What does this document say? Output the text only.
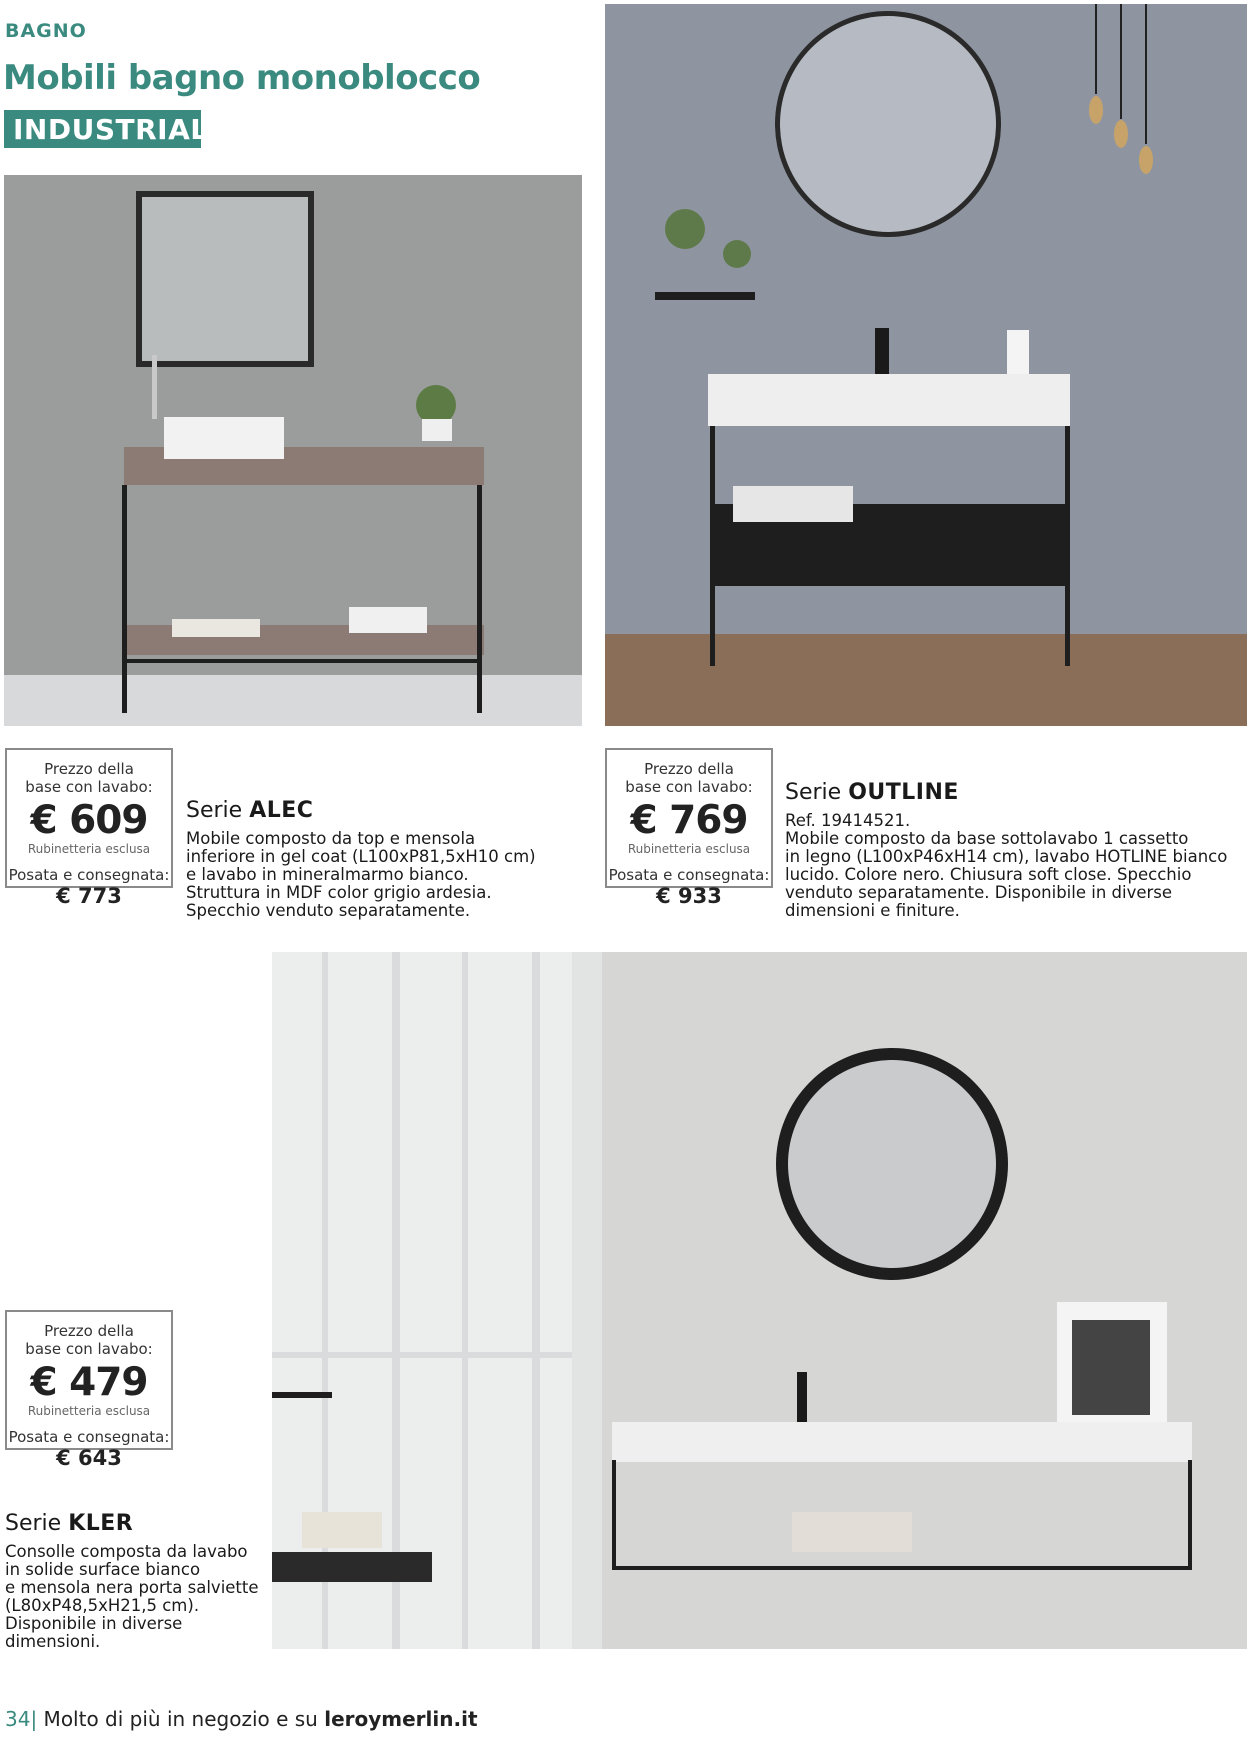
BAGNO
Mobili bagno monoblocco
INDUSTRIAL
Prezzo della
base con lavabo:
€ 609
Rubinetteria esclusa
Posata e consegnata:
€ 773
Serie ALEC
Mobile composto da top e mensola
inferiore in gel coat (L100xP81,5xH10 cm)
e lavabo in mineralmarmo bianco.
Struttura in MDF color grigio ardesia.
Specchio venduto separatamente.
Prezzo della
base con lavabo:
€ 769
Rubinetteria esclusa
Posata e consegnata:
€ 933
Serie OUTLINE
Ref. 19414521.
Mobile composto da base sottolavabo 1 cassetto
in legno (L100xP46xH14 cm), lavabo HOTLINE bianco
lucido. Colore nero. Chiusura soft close. Specchio
venduto separatamente. Disponibile in diverse
dimensioni e finiture.
Prezzo della
base con lavabo:
€ 479
Rubinetteria esclusa
Posata e consegnata:
€ 643
Serie KLER
Consolle composta da lavabo
in solide surface bianco
e mensola nera porta salviette
(L80xP48,5xH21,5 cm).
Disponibile in diverse
dimensioni.
34| Molto di più in negozio e su leroymerlin.it
